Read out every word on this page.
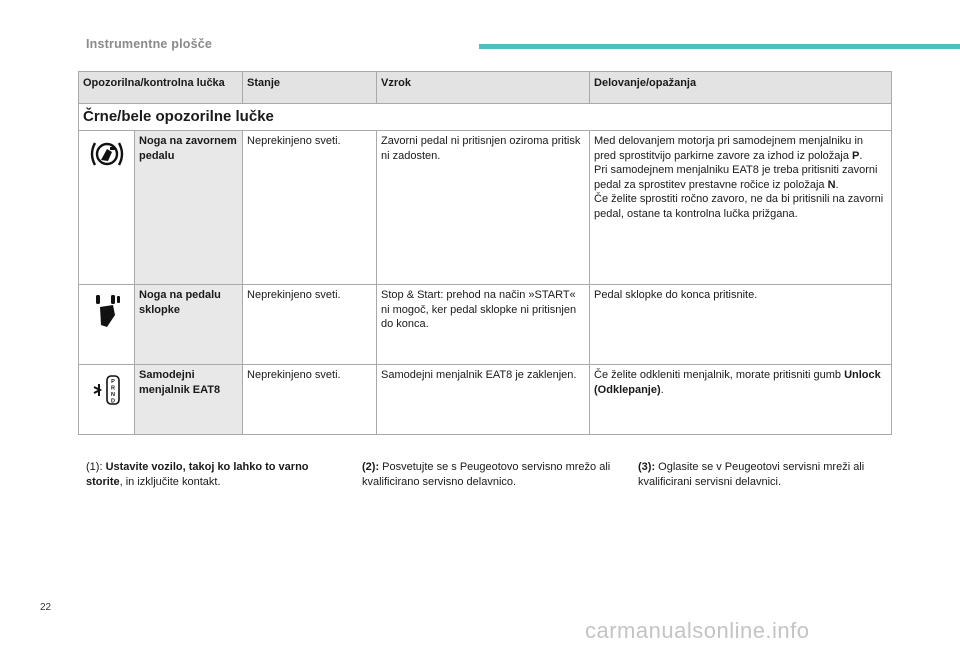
Instrumentne plošče
Opozorilna/kontrolna lučka		Stanje	Vzrok	Delovanje/opažanja
Črne/bele opozorilne lučke				
	Noga na zavornem pedalu	Neprekinjeno sveti.	Zavorni pedal ni pritisnjen oziroma pritisk ni zadosten.	Med delovanjem motorja pri samodejnem menjalniku in pred sprostitvijo parkirne zavore za izhod iz položaja P.
Pri samodejnem menjalniku EAT8 je treba pritisniti zavorni pedal za sprostitev prestavne ročice iz položaja N.
Če želite sprostiti ročno zavoro, ne da bi pritisnili na zavorni pedal, ostane ta kontrolna lučka prižgana.
	Noga na pedalu sklopke	Neprekinjeno sveti.	Stop & Start: prehod na način »START« ni mogoč, ker pedal sklopke ni pritisnjen do konca.	Pedal sklopke do konca pritisnite.

P
R
N
D	Samodejni menjalnik EAT8	Neprekinjeno sveti.	Samodejni menjalnik EAT8 je zaklenjen.	Če želite odkleniti menjalnik, morate pritisniti gumb Unlock (Odklepanje).
(1): Ustavite vozilo, takoj ko lahko to varno storite, in izključite kontakt.
(2): Posvetujte se s Peugeotovo servisno mrežo ali kvalificirano servisno delavnico.
(3): Oglasite se v Peugeotovi servisni mreži ali kvalificirani servisni delavnici.
22
carmanualsonline.info
